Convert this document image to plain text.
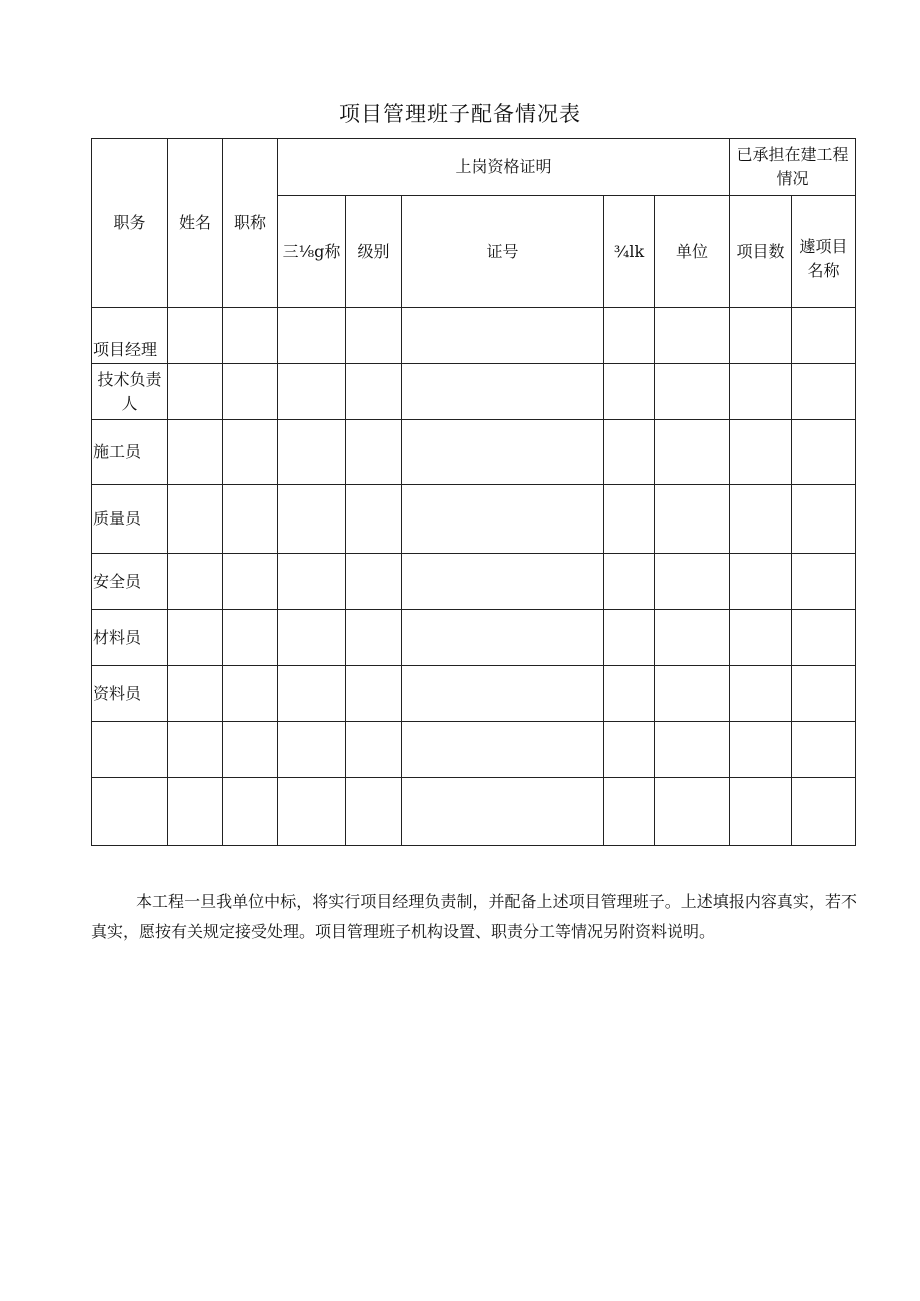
项目管理班子配备情况表
职务	姓名	职称	上岗资格证明					已承担在建工程情况	
			三⅛g称	级别	证号	¾lk	单位	项目数	遽项目名称
项目经理									
技术负责人									
施工员									
质量员									
安全员									
材料员									
资料员									

本工程一旦我单位中标，将实行项目经理负责制，并配备上述项目管理班子。上述填报内容真实，若不真实，愿按有关规定接受处理。项目管理班子机构设置、职责分工等情况另附资料说明。
